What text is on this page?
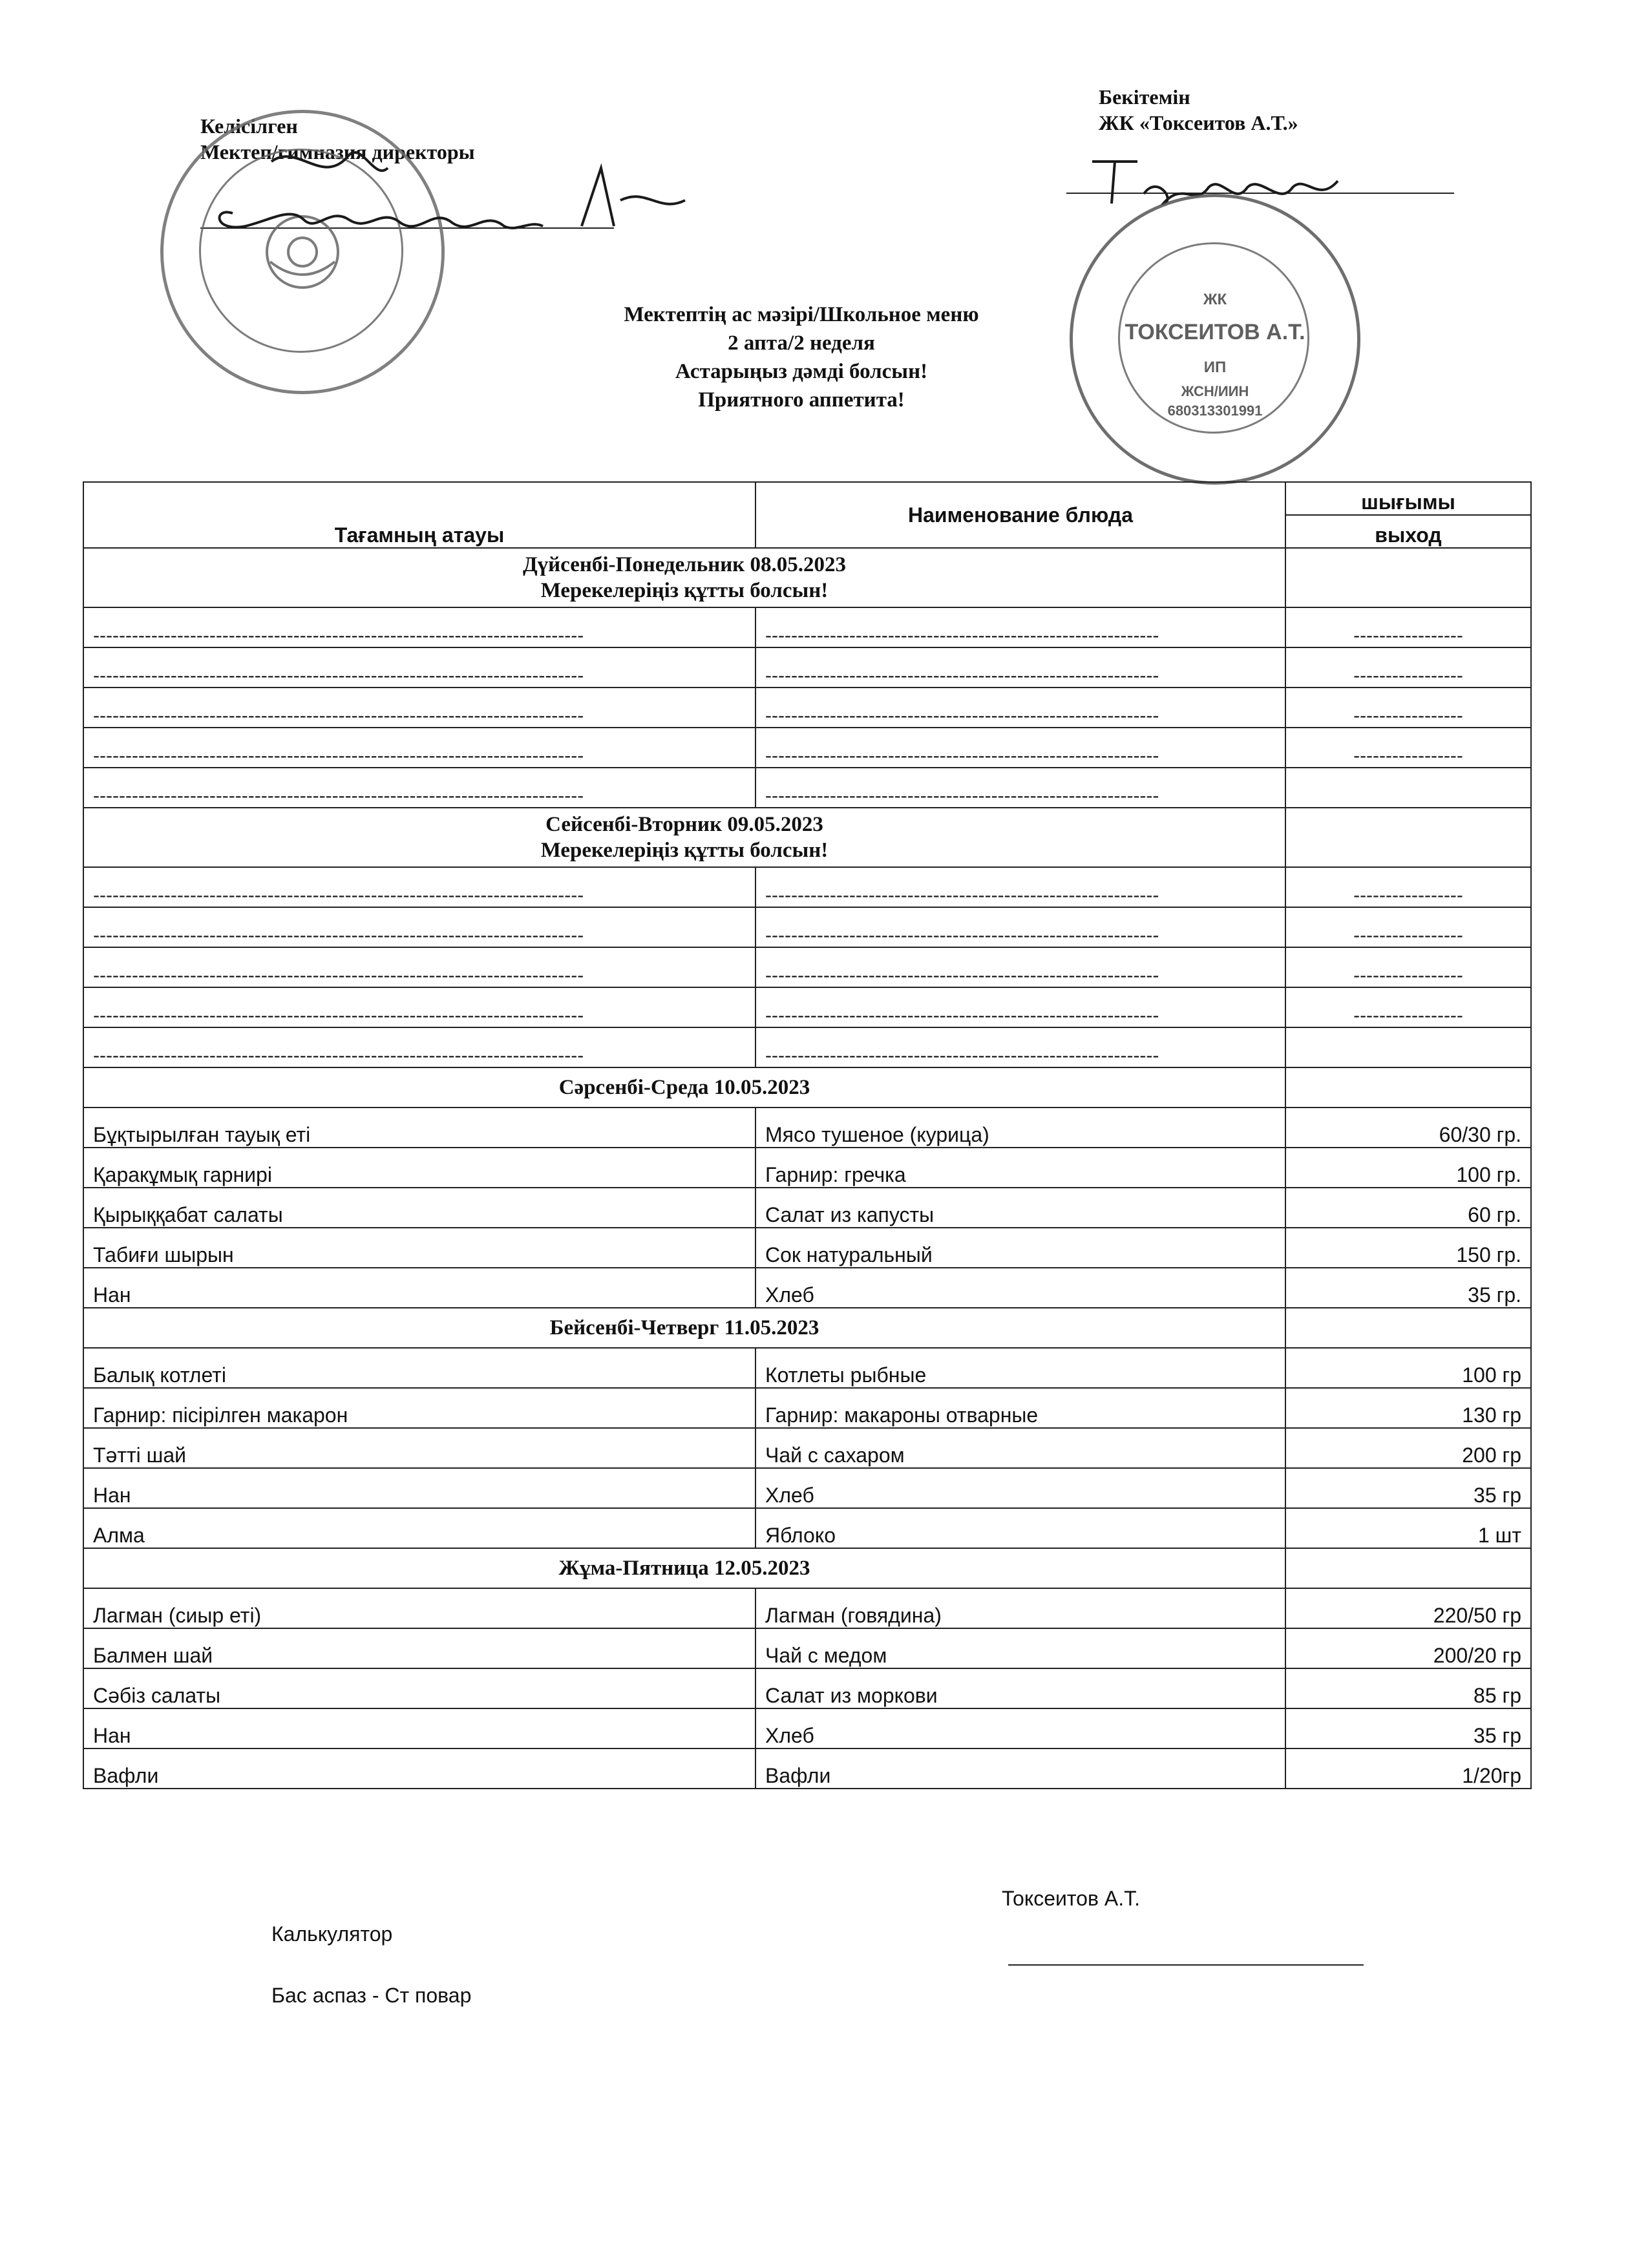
Келісілген
Мектеп/гимназия директоры
Бекітемін
ЖК «Токсеитов А.Т.»
ЖК
ТОКСЕИТОВ А.Т.
ИП
ЖСН/ИИН
680313301991
Мектептің ас мәзірі/Школьное меню
2 апта/2 неделя
Астарыңыз дәмді болсын!
Приятного аппетита!
Тағамның атауы	Наименование блюда	шығымы
		выход

Дүйсенбі-Понедельник 08.05.2023
Мерекелеріңіз құтты болсын!		

----------------------------------------------------------------------------	-------------------------------------------------------------	-----------------
----------------------------------------------------------------------------	-------------------------------------------------------------	-----------------
----------------------------------------------------------------------------	-------------------------------------------------------------	-----------------
----------------------------------------------------------------------------	-------------------------------------------------------------	-----------------
----------------------------------------------------------------------------	-------------------------------------------------------------	

Сейсенбі-Вторник 09.05.2023
Мерекелеріңіз құтты болсын!		

----------------------------------------------------------------------------	-------------------------------------------------------------	-----------------
----------------------------------------------------------------------------	-------------------------------------------------------------	-----------------
----------------------------------------------------------------------------	-------------------------------------------------------------	-----------------
----------------------------------------------------------------------------	-------------------------------------------------------------	-----------------
----------------------------------------------------------------------------	-------------------------------------------------------------	
Сәрсенбі-Среда 10.05.2023		
Бұқтырылған тауық еті	Мясо тушеное (курица)	60/30 гр.
Қаракұмық гарнирі	Гарнир: гречка	100 гр.
Қырыққабат салаты	Салат из капусты	60 гр.
Табиғи шырын	Сок натуральный	150 гр.
Нан	Хлеб	35 гр.
Бейсенбі-Четверг 11.05.2023		
Балық котлеті	Котлеты рыбные	100 гр
Гарнир: пісірілген макарон	Гарнир: макароны отварные	130 гр
Тәтті шай	Чай с сахаром	200 гр
Нан	Хлеб	35 гр
Алма	Яблоко	1 шт
Жұма-Пятница 12.05.2023		
Лагман (сиыр еті)	Лагман (говядина)	220/50 гр
Балмен шай	Чай с медом	200/20 гр
Сәбіз салаты	Салат из моркови	85 гр
Нан	Хлеб	35 гр
Вафли	Вафли	1/20гр
Токсеитов А.Т.
Калькулятор
Бас аспаз - Ст повар
